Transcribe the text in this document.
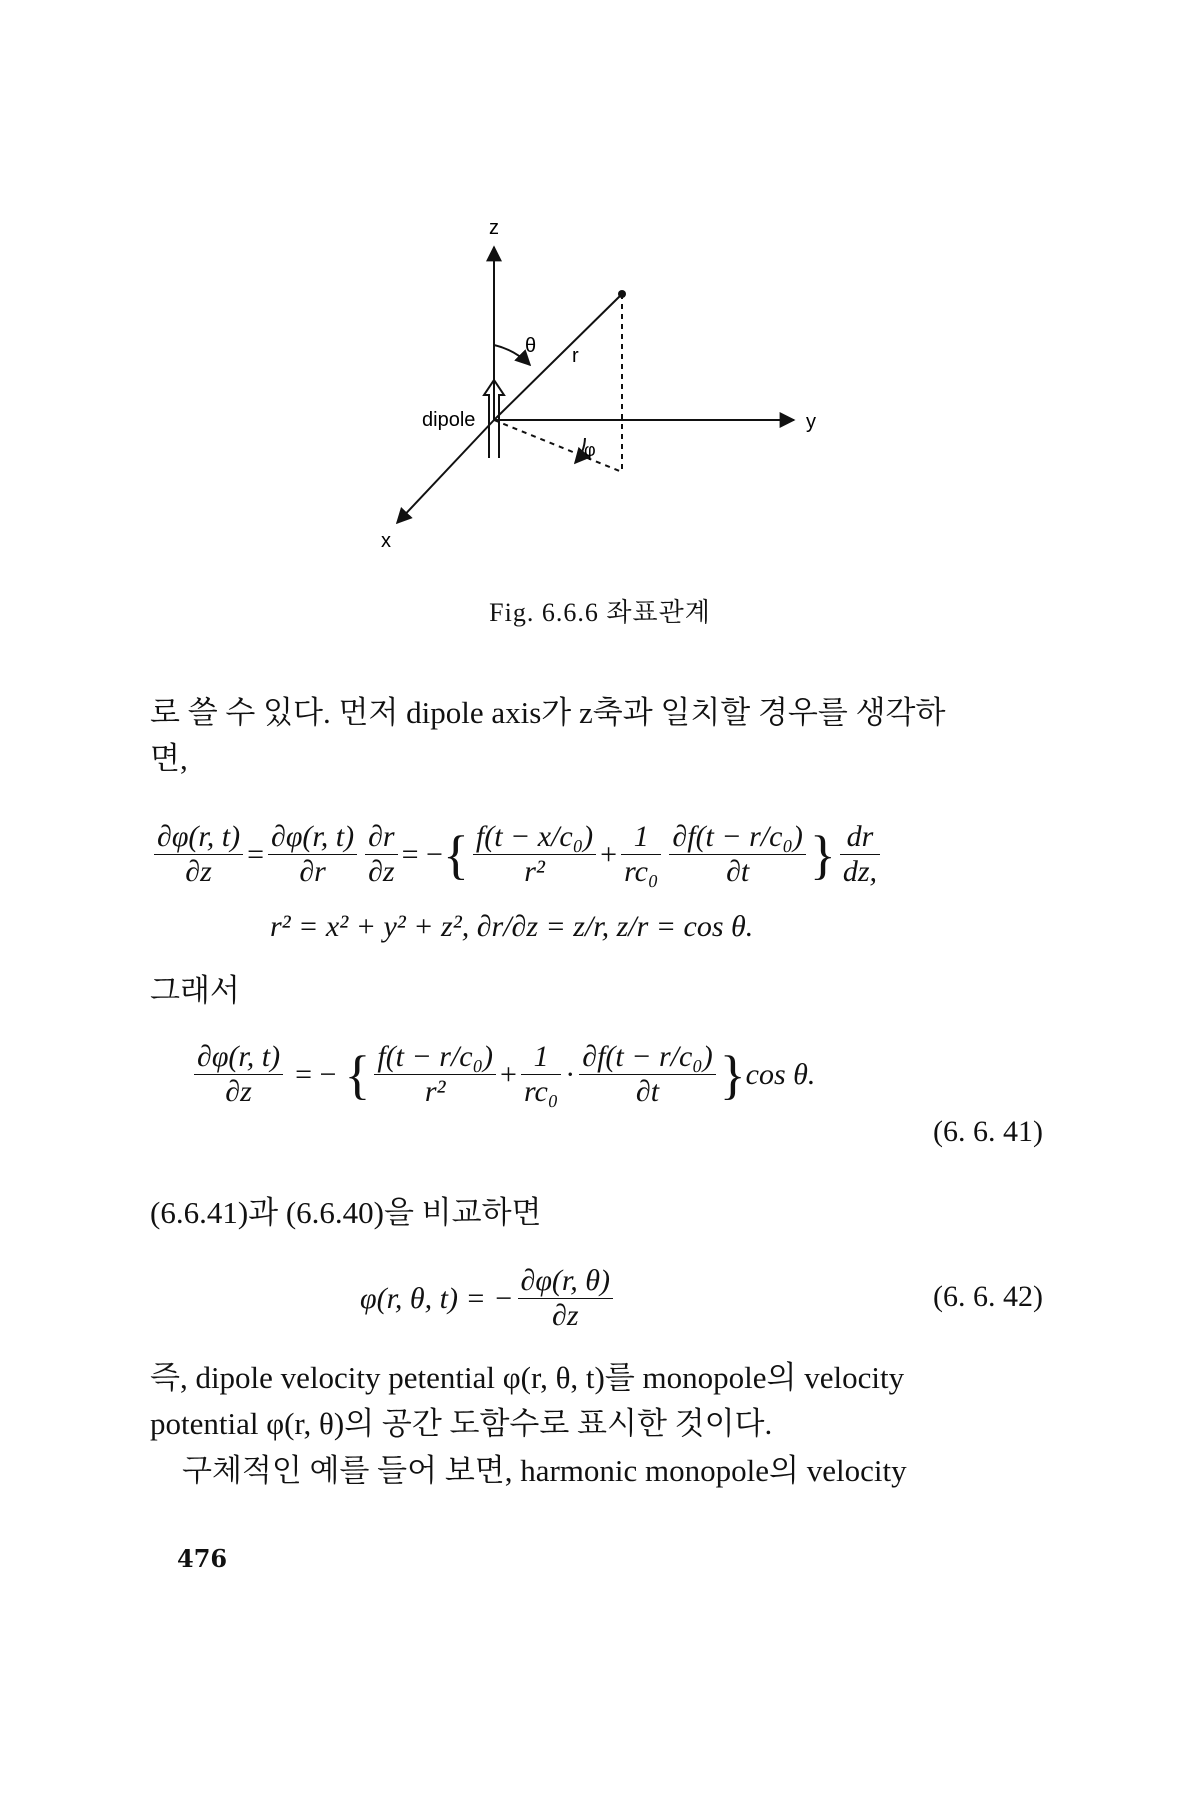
z
y
x
θ r
φ
dipole
Fig. 6.6.6 좌표관계
로 쓸 수 있다. 먼저 dipole axis가 z축과 일치할 경우를 생각하
면,
$\frac{\partial\varphi(r, t)}{\partial z} = \frac{\partial\varphi(r, t)}{\partial r} \frac{\partial r}{\partial z}$ = − { $\frac{\text{f(t − x/c₀)}}{\text{r²}} + \frac{1}{\text{rc₀}} \frac{\text{∂f(t − r/c₀)}}{\partial t}$ } $\frac{dr}{dz,}$
r² = x² + y² + z², ∂r/∂z = z/r, z/r = cos θ.
그래서
$\frac{\partial\varphi(r, t)}{\partial z}$ = − { $\frac{\text{f(t − r/c₀)}}{\text{r²}} + \frac{1}{\text{rc₀}} \cdot \frac{\text{∂f(t − r/c₀)}}{\partial t}$ } cos θ.
(6. 6. 41)
(6.6.41)과 (6.6.40)을 비교하면
φ(r, θ, t) = − $\frac{\partial\varphi(r, \theta)}{\partial z}$	(6. 6. 42)
즉, dipole velocity petential φ(r, θ, t)를 monopole의 velocity
potential φ(r, θ)의 공간 도함수로 표시한 것이다.
구체적인 예를 들어 보면, harmonic monopole의 velocity
476
